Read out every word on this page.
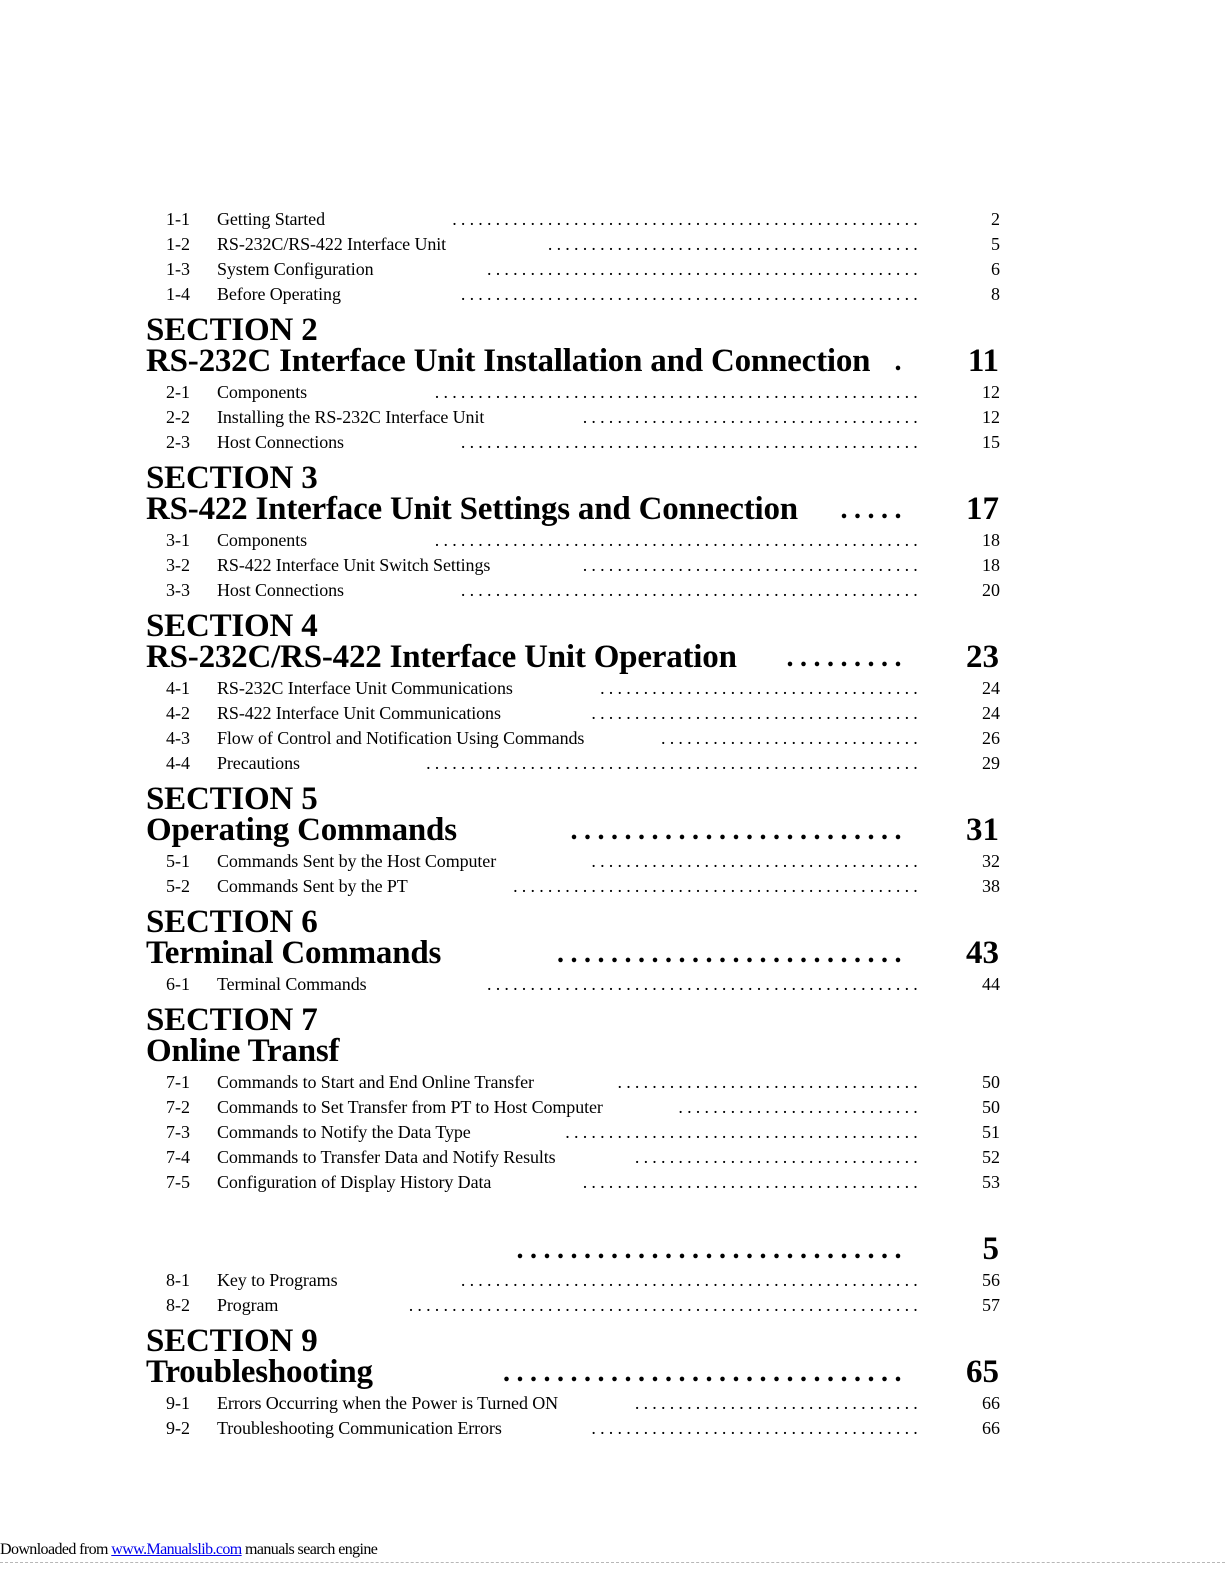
1-1 Getting Started	......................................................	2
1-2 RS-232C/RS-422 Interface Unit	...........................................	5
1-3 System Configuration	..................................................	6
1-4 Before Operating	.....................................................	8
SECTION 2
RS-232C Interface Unit Installation and Connection . 11
2-1 Components	........................................................	12
2-2 Installing the RS-232C Interface Unit	.......................................	12
2-3 Host Connections	.....................................................	15
SECTION 3
RS-422 Interface Unit Settings and Connection	..... 17
3-1 Components	........................................................	18
3-2 RS-422 Interface Unit Switch Settings	.......................................	18
3-3 Host Connections	.....................................................	20
SECTION 4
RS-232C/RS-422 Interface Unit Operation	......... 23
4-1 RS-232C Interface Unit Communications	.....................................	24
4-2 RS-422 Interface Unit Communications	......................................	24
4-3 Flow of Control and Notification Using Commands	..............................	26
4-4 Precautions	.........................................................	29
SECTION 5
Operating Commands	......................... 31
5-1 Commands Sent by the Host Computer	......................................	32
5-2 Commands Sent by the PT	...............................................	38
SECTION 6
Terminal Commands	.......................... 43
6-1 Terminal Commands	..................................................	44
SECTION 7
Online Transf
7-1 Commands to Start and End Online Transfer	...................................	50
7-2 Commands to Set Transfer from PT to Host Computer	............................	50
7-3 Commands to Notify the Data Type	.........................................	51
7-4 Commands to Transfer Data and Notify Results	.................................	52
7-5 Configuration of Display History Data	.......................................	53
............................. 5
8-1 Key to Programs	.....................................................	56
8-2 Program	...........................................................	57
SECTION 9
Troubleshooting	.............................. 65
9-1 Errors Occurring when the Power is Turned ON	.................................	66
9-2 Troubleshooting Communication Errors	......................................	66
Downloaded from www.Manualslib.com manuals search engine
